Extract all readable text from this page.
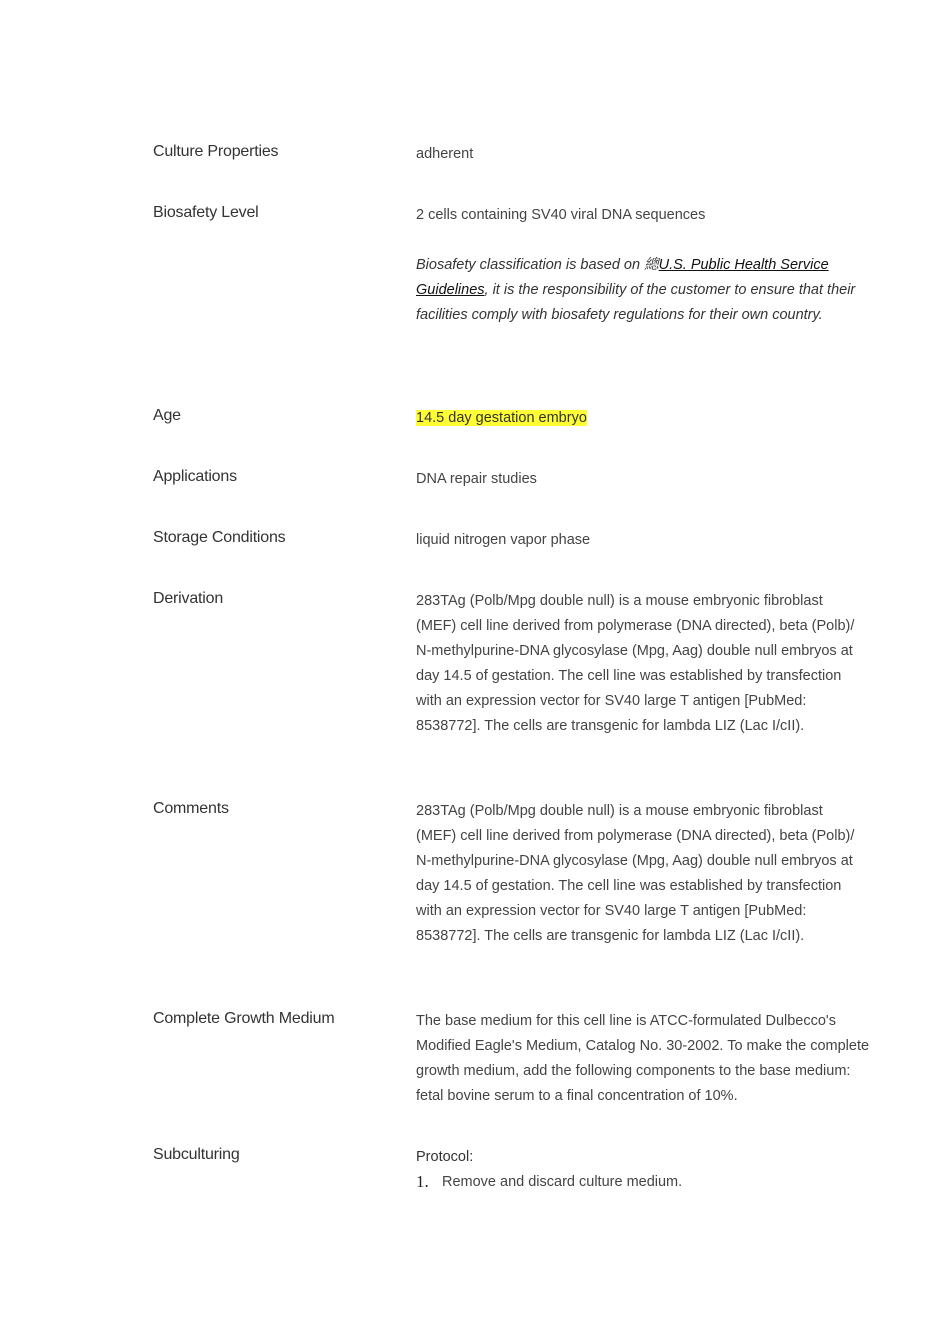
Culture Properties	adherent
Biosafety Level	2 cells containing SV40 viral DNA sequences

Biosafety classification is based on 總U.S. Public Health Service Guidelines, it is the responsibility of the customer to ensure that their facilities comply with biosafety regulations for their own country.
Age	14.5 day gestation embryo
Applications	DNA repair studies
Storage Conditions	liquid nitrogen vapor phase
Derivation	283TAg (Polb/Mpg double null) is a mouse embryonic fibroblast (MEF) cell line derived from polymerase (DNA directed), beta (Polb)/ N-methylpurine-DNA glycosylase (Mpg, Aag) double null embryos at day 14.5 of gestation. The cell line was established by transfection with an expression vector for SV40 large T antigen [PubMed: 8538772]. The cells are transgenic for lambda LIZ (Lac I/cII).
Comments	283TAg (Polb/Mpg double null) is a mouse embryonic fibroblast (MEF) cell line derived from polymerase (DNA directed), beta (Polb)/ N-methylpurine-DNA glycosylase (Mpg, Aag) double null embryos at day 14.5 of gestation. The cell line was established by transfection with an expression vector for SV40 large T antigen [PubMed: 8538772]. The cells are transgenic for lambda LIZ (Lac I/cII).
Complete Growth Medium	The base medium for this cell line is ATCC-formulated Dulbecco's Modified Eagle's Medium, Catalog No. 30-2002. To make the complete growth medium, add the following components to the base medium: fetal bovine serum to a final concentration of 10%.
Subculturing	Protocol:
1. Remove and discard culture medium.
